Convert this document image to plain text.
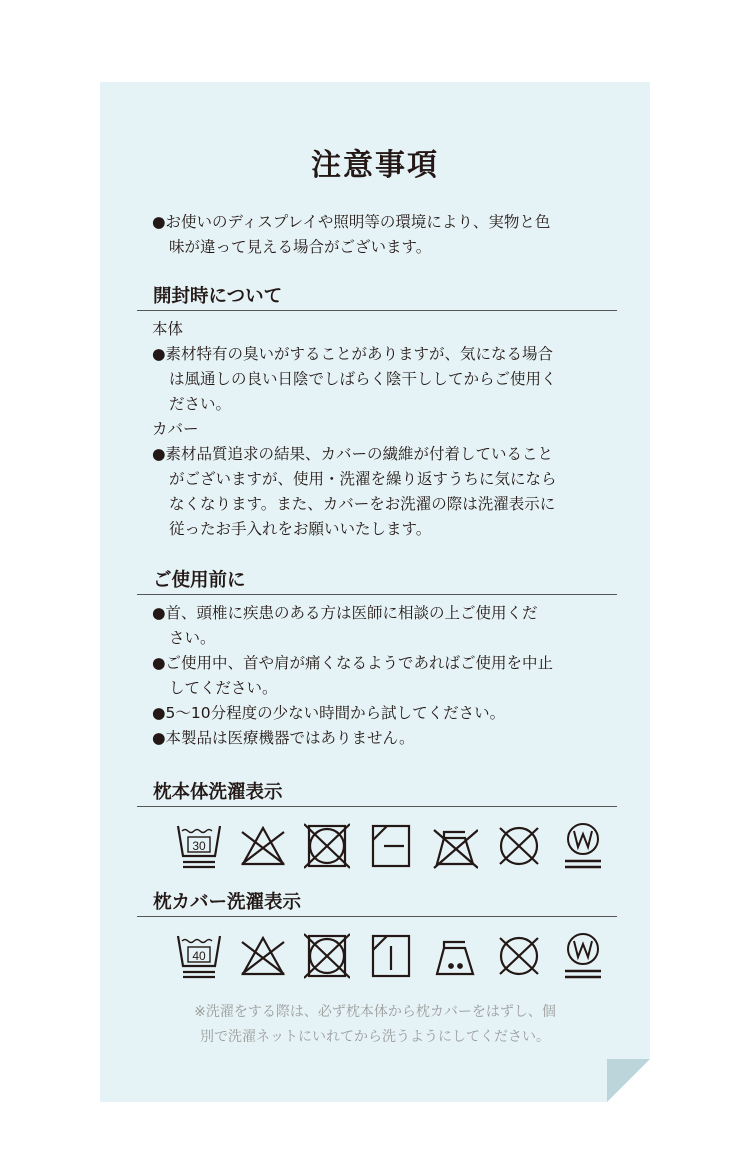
注意事項
●お使いのディスプレイや照明等の環境により、実物と色
味が違って見える場合がございます。
開封時について
本体
●素材特有の臭いがすることがありますが、気になる場合
は風通しの良い日陰でしばらく陰干ししてからご使用く
ださい。
カバー
●素材品質追求の結果、カバーの繊維が付着していること
がございますが、使用・洗濯を繰り返すうちに気になら
なくなります。また、カバーをお洗濯の際は洗濯表示に
従ったお手入れをお願いいたします。
ご使用前に
●首、頭椎に疾患のある方は医師に相談の上ご使用くだ
さい。
●ご使用中、首や肩が痛くなるようであればご使用を中止
してください。
●5〜10分程度の少ない時間から試してください。
●本製品は医療機器ではありません。
枕本体洗濯表示
30
枕カバー洗濯表示
40
※洗濯をする際は、必ず枕本体から枕カバーをはずし、個
別で洗濯ネットにいれてから洗うようにしてください。
